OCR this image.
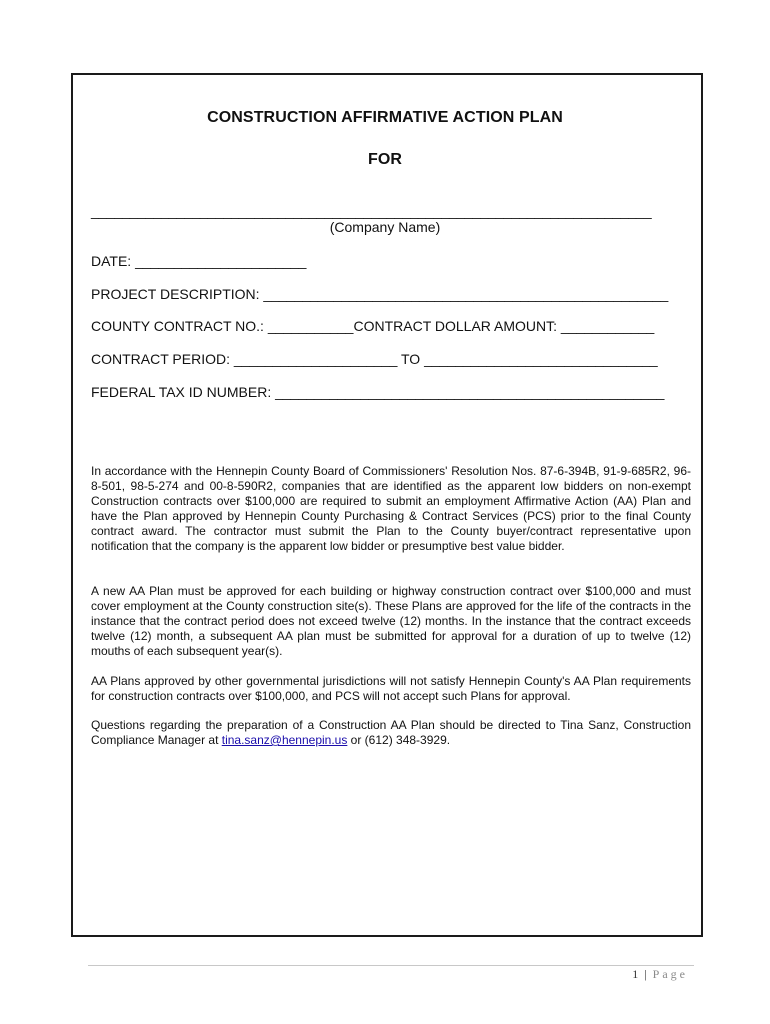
CONSTRUCTION AFFIRMATIVE ACTION PLAN
FOR
________________________________________________________________________
(Company Name)
DATE: ______________________
PROJECT DESCRIPTION: ____________________________________________________
COUNTY CONTRACT NO.: ___________CONTRACT DOLLAR AMOUNT: ____________
CONTRACT PERIOD: _____________________ TO ______________________________
FEDERAL TAX ID NUMBER: __________________________________________________
In accordance with the Hennepin County Board of Commissioners' Resolution Nos. 87-6-394B, 91-9-685R2, 96-8-501, 98-5-274 and 00-8-590R2, companies that are identified as the apparent low bidders on non-exempt Construction contracts over $100,000 are required to submit an employment Affirmative Action (AA) Plan and have the Plan approved by Hennepin County Purchasing & Contract Services (PCS) prior to the final County contract award. The contractor must submit the Plan to the County buyer/contract representative upon notification that the company is the apparent low bidder or presumptive best value bidder.
A new AA Plan must be approved for each building or highway construction contract over $100,000 and must cover employment at the County construction site(s). These Plans are approved for the life of the contracts in the instance that the contract period does not exceed twelve (12) months. In the instance that the contract exceeds twelve (12) month, a subsequent AA plan must be submitted for approval for a duration of up to twelve (12) mouths of each subsequent year(s).
AA Plans approved by other governmental jurisdictions will not satisfy Hennepin County's AA Plan requirements for construction contracts over $100,000, and PCS will not accept such Plans for approval.
Questions regarding the preparation of a Construction AA Plan should be directed to Tina Sanz, Construction Compliance Manager at tina.sanz@hennepin.us or (612) 348-3929.
1 | Page
